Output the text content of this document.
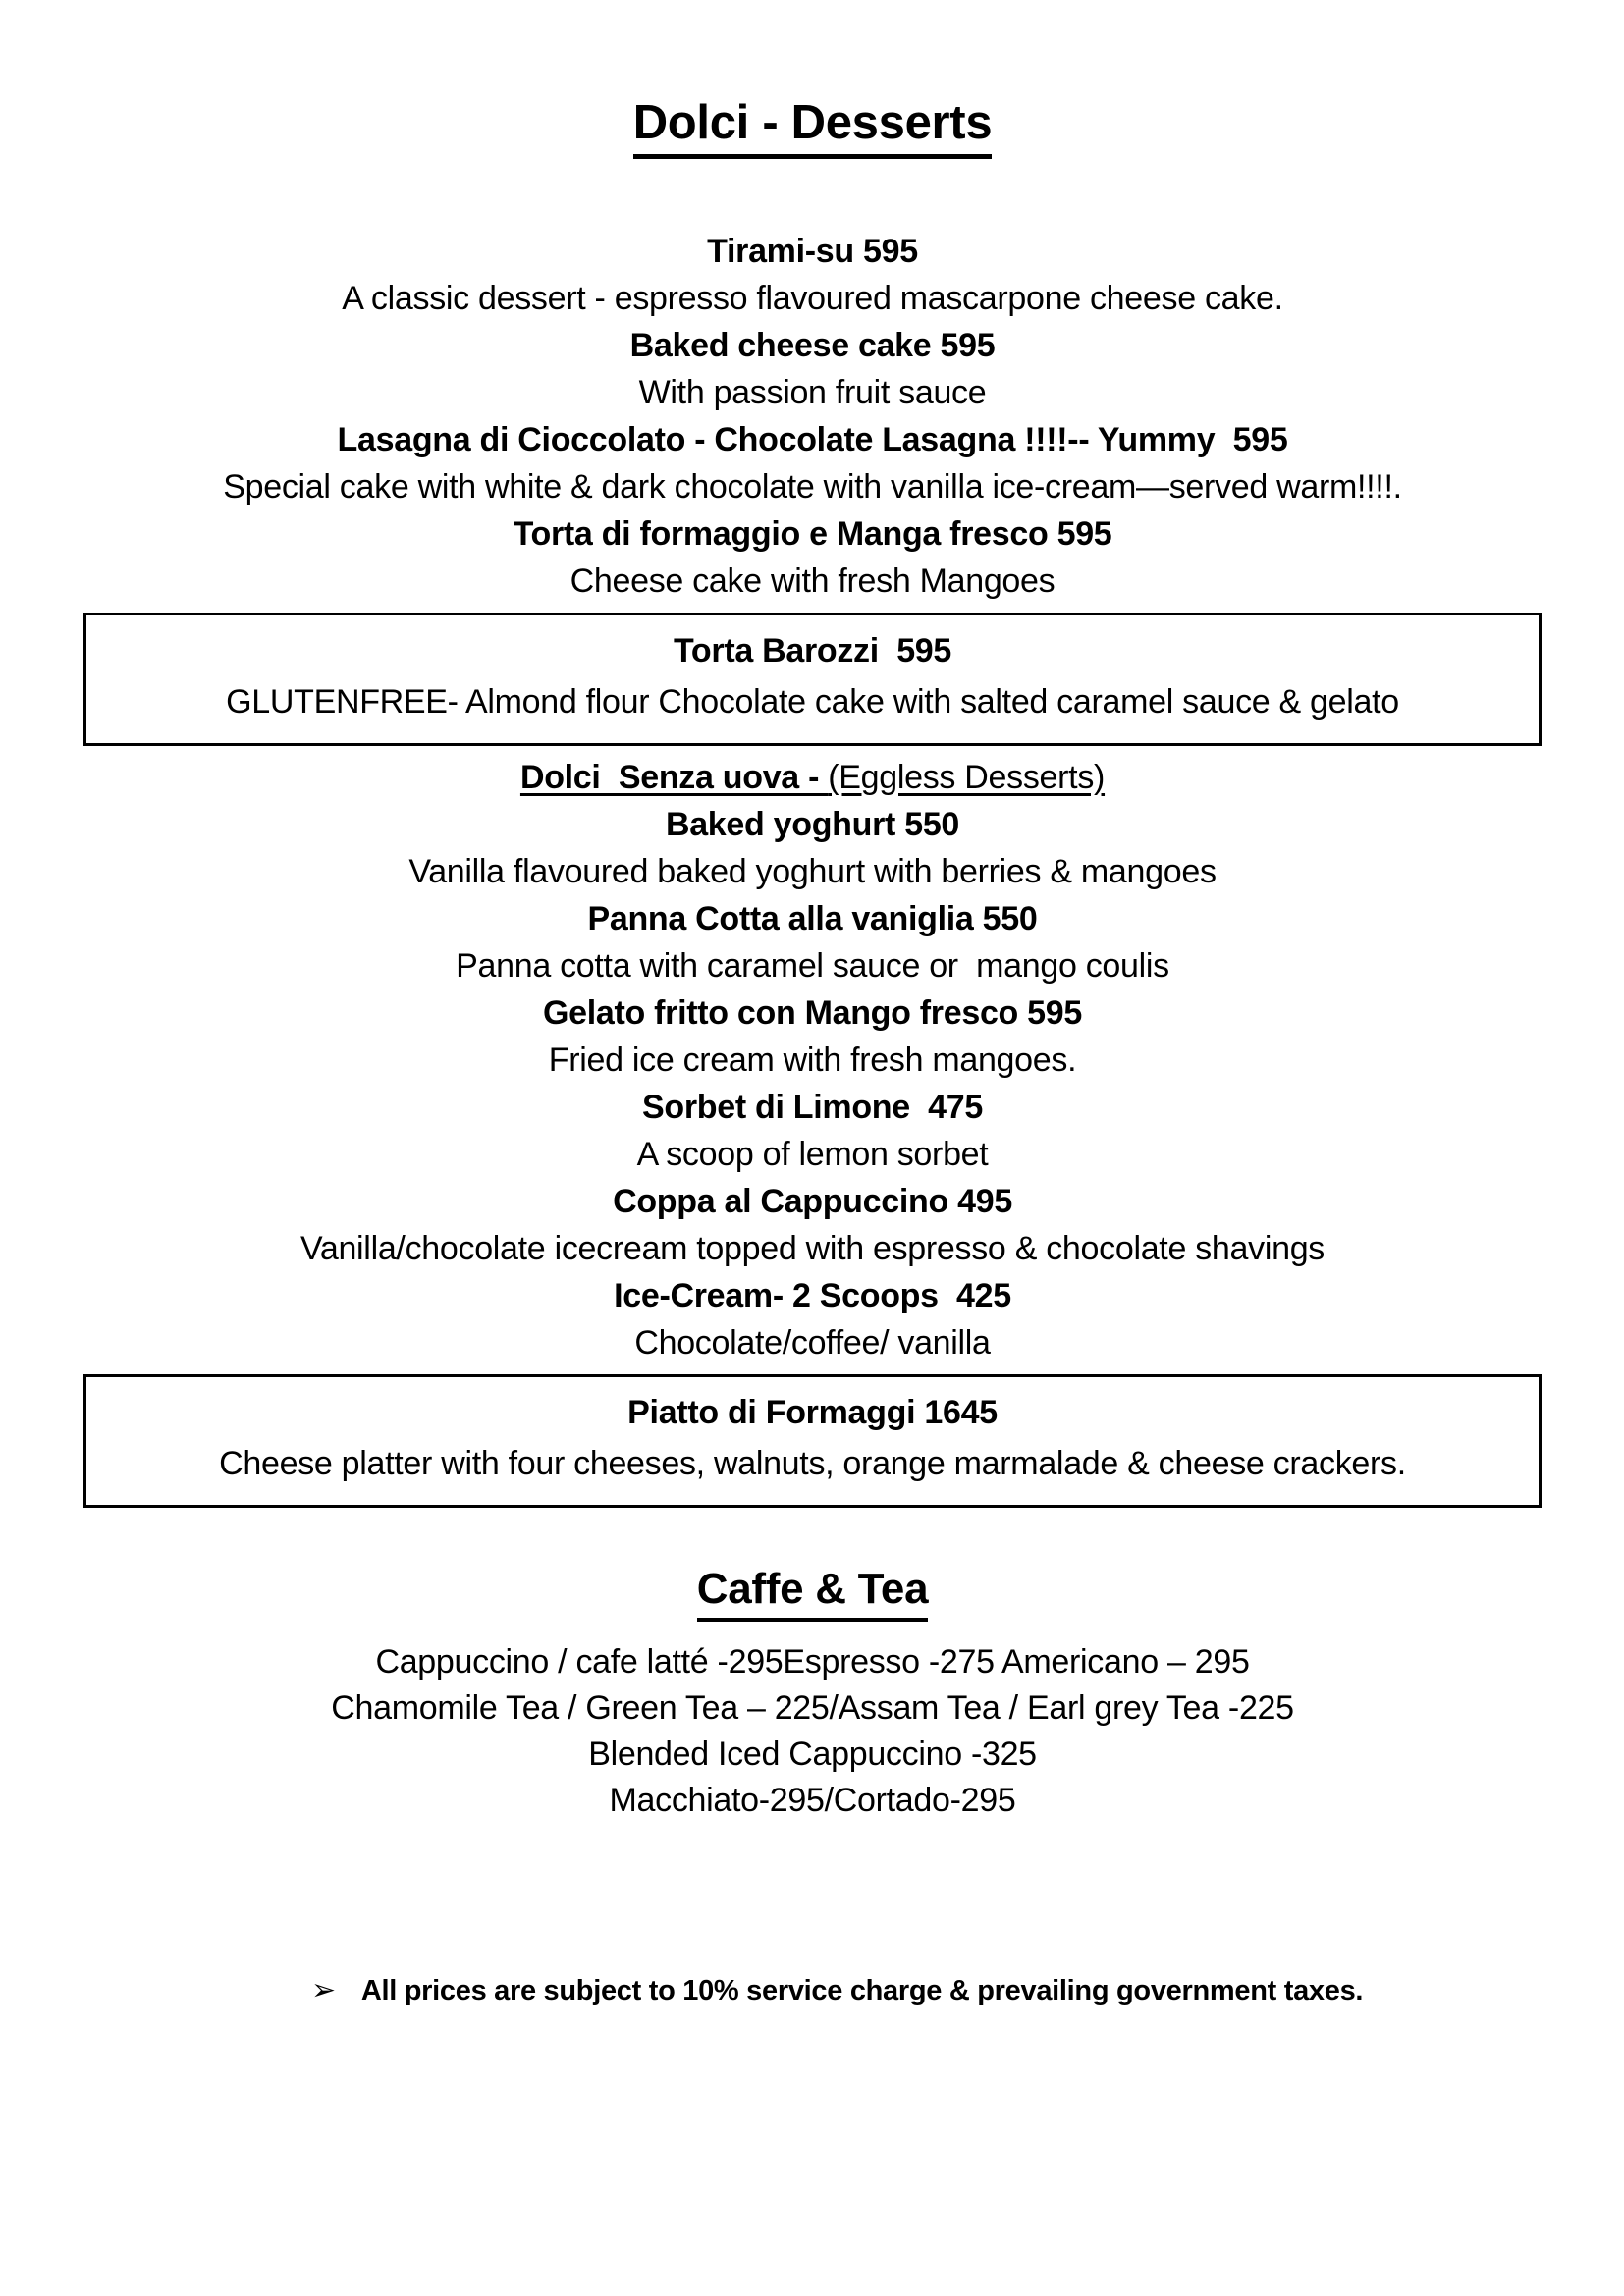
Dolci - Desserts
Tirami-su 595
A classic dessert - espresso flavoured mascarpone cheese cake.
Baked cheese cake 595
With passion fruit sauce
Lasagna di Cioccolato - Chocolate Lasagna !!!!-- Yummy  595
Special cake with white & dark chocolate with vanilla ice-cream—served warm!!!!.
Torta di formaggio e Manga fresco 595
Cheese cake with fresh Mangoes
Torta Barozzi  595
GLUTENFREE- Almond flour Chocolate cake with salted caramel sauce & gelato
Dolci  Senza uova - (Eggless Desserts)
Baked yoghurt 550
Vanilla flavoured baked yoghurt with berries & mangoes
Panna Cotta alla vaniglia 550
Panna cotta with caramel sauce or  mango coulis
Gelato fritto con Mango fresco 595
Fried ice cream with fresh mangoes.
Sorbet di Limone  475
A scoop of lemon sorbet
Coppa al Cappuccino 495
Vanilla/chocolate icecream topped with espresso & chocolate shavings
Ice-Cream- 2 Scoops  425
Chocolate/coffee/ vanilla
Piatto di Formaggi 1645
Cheese platter with four cheeses, walnuts, orange marmalade & cheese crackers.
Caffe & Tea
Cappuccino / cafe latté -295Espresso -275 Americano – 295
Chamomile Tea / Green Tea – 225/Assam Tea / Earl grey Tea -225
Blended Iced Cappuccino -325
Macchiato-295/Cortado-295
➢ All prices are subject to 10% service charge & prevailing government taxes.
